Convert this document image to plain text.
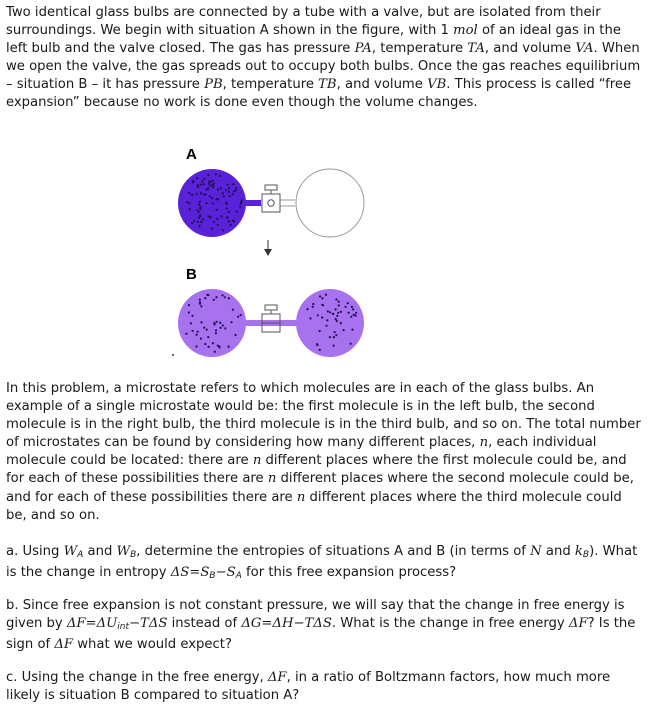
Two identical glass bulbs are connected by a tube with a valve, but are isolated from their surroundings. We begin with situation A shown in the figure, with 1 mol of an ideal gas in the left bulb and the valve closed. The gas has pressure PA, temperature TA, and volume VA. When we open the valve, the gas spreads out to occupy both bulbs. Once the gas reaches equilibrium – situation B – it has pressure PB, temperature TB, and volume VB. This process is called “free expansion” because no work is done even though the volume changes.

A
B

In this problem, a microstate refers to which molecules are in each of the glass bulbs. An example of a single microstate would be: the first molecule is in the left bulb, the second molecule is in the right bulb, the third molecule is in the third bulb, and so on. The total number of microstates can be found by considering how many different places, n, each individual molecule could be located: there are n different places where the first molecule could be, and for each of these possibilities there are n different places where the second molecule could be, and for each of these possibilities there are n different places where the third molecule could be, and so on.

a. Using $W_A$ and $W_B$, determine the entropies of situations A and B (in terms of N and $k_B$). What is the change in entropy $\Delta S=S_B-S_A$ for this free expansion process?

b. Since free expansion is not constant pressure, we will say that the change in free energy is given by $\Delta F=\Delta U_{int}-T\Delta S$ instead of ΔG=ΔH−TΔS. What is the change in free energy ΔF? Is the sign of ΔF what we would expect?

c. Using the change in the free energy, ΔF, in a ratio of Boltzmann factors, how much more likely is situation B compared to situation A?
